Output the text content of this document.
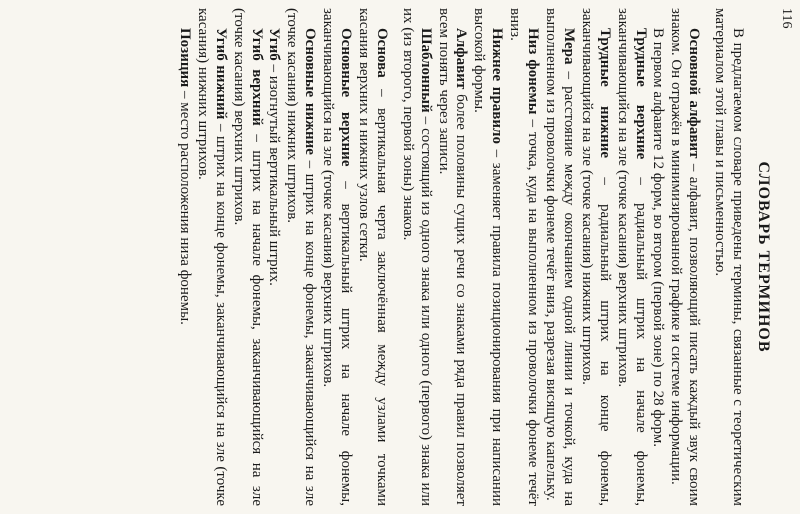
116
СЛОВАРЬ ТЕРМИНОВ

В предлагаемом словаре приведены термины, связанные с теоретическим материалом этой главы и письменностью.

Основной алфавит – алфавит, позволяющий писать каждый звук своим знаком. Он отражён в минимизированной графике и системе информации.

В первом алфавите 12 форм, во втором (первой зоне) по 28 форм.

Трудные верхние – радиальный штрих на начале фонемы, заканчивающийся на зле (точке касания) верхних штрихов.

Трудные нижние – радиальный штрих на конце фонемы, заканчивающийся на зле (точке касания) нижних штрихов.

Мера – расстояние между окончанием одной линии и точкой, куда на выполненном из проволочки фонеме течёт вниз, разрезая висящую капельку.

Низ фонемы – точка, куда на выполненном из проволочки фонеме течёт вниз.

Нижнее правило – заменяет правила позиционирования при написании высокой формы.

Алфавит более половины сущих речи со знаками ряда правил позволяет всем понять через записи.

Шаблонный – состоящий из одного знака или одного (первого) знака или их (из второго, первой зоны) знаков.

Основа – вертикальная черта заключённая между узлами точками касания верхних и нижних узлов сетки.

Основные верхние – вертикальный штрих на начале фонемы, заканчивающийся на зле (точке касания) верхних штрихов.

Основные нижние – штрих на конце фонемы, заканчивающийся на зле (точке касания) нижних штрихов.

Угиб – изогнутый вертикальный штрих.

Угиб верхний – штрих на начале фонемы, заканчивающийся на зле (точке касания) верхних штрихов.

Угиб нижний – штрих на конце фонемы, заканчивающийся на зле (точке касания) нижних штрихов.

Позиция – место расположения низа фонемы.
